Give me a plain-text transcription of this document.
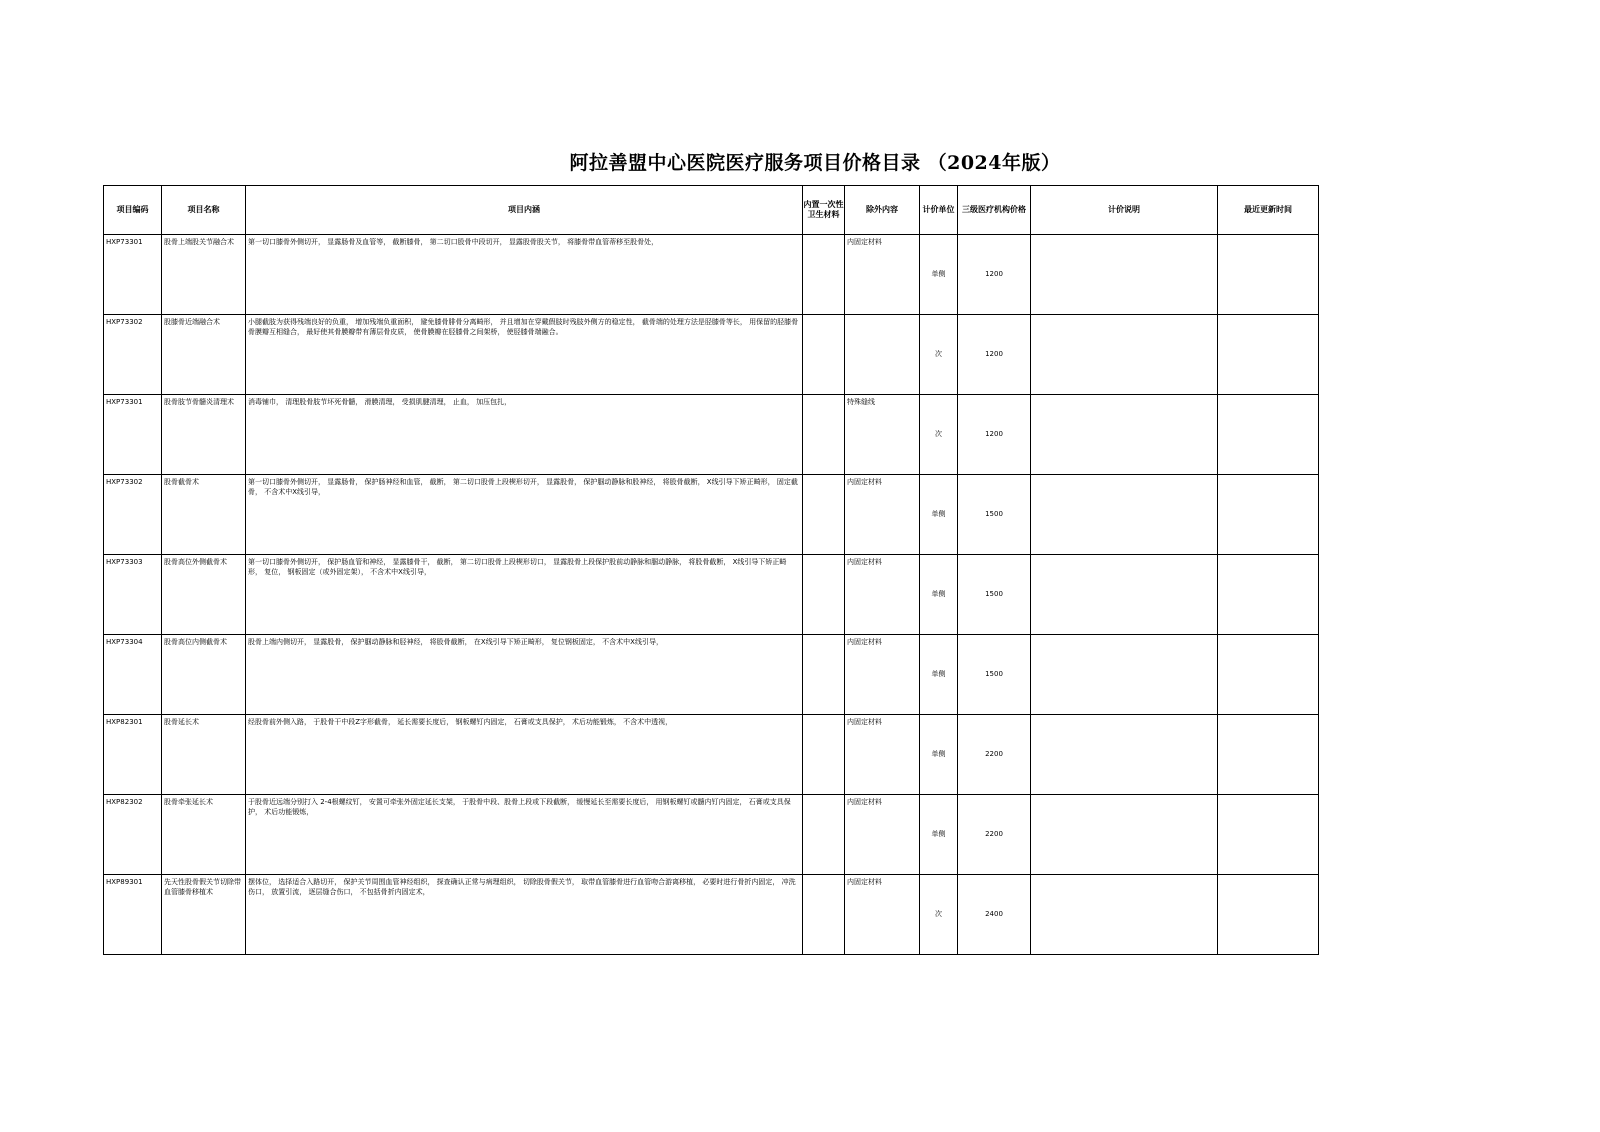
阿拉善盟中心医院医疗服务项目价格目录 （2024年版）
项目编码	项目名称	项目内涵	内置一次性卫生材料	除外内容	计价单位	三级医疗机构价格	计价说明	最近更新时间
HXP73301	股骨上端股关节融合术	第一切口膝骨外侧切开， 显露肠骨及血管等， 截断膝骨， 第二切口股骨中段切开， 显露股骨股关节， 将膝骨带血管蒂移至股骨处，		内固定材料	单侧	1200		
HXP73302	股膝骨近端融合术	小腿截肢为获得残端良好的负重， 增加残端负重面积， 避免膝骨腓骨分离畸形， 并且增加在穿戴假肢时残肢外侧方的稳定性， 截骨端的处理方法是胫膝骨等长， 用保留的胫膝骨骨膜瓣互相缝合， 最好使其骨膜瓣带有薄层骨皮质， 使骨膜瓣在胫膝骨之间架桥， 使胫膝骨端融合。			次	1200		
HXP73301	股骨肢节骨髓炎清理术	消毒铺巾， 清理股骨肢节坏死骨髓， 滑膜清理， 受损肌腱清理， 止血， 加压包扎，		特殊缝线	次	1200		
HXP73302	股骨截骨术	第一切口膝骨外侧切开， 显露肠骨， 保护肠神经和血管， 截断， 第二切口股骨上段楔形切开， 显露股骨， 保护腘动静脉和股神经， 将股骨截断， X线引导下矫正畸形， 固定截骨， 不含术中X线引导，		内固定材料	单侧	1500		
HXP73303	股骨高位外侧截骨术	第一切口膝骨外侧切开， 保护肠血管和神经， 显露膝骨干， 截断， 第二切口股骨上段楔形切口， 显露股骨上段保护股前动静脉和腘动静脉， 将股骨截断， X线引导下矫正畸形， 复位， 钢板固定（或外固定架）， 不含术中X线引导，		内固定材料	单侧	1500		
HXP73304	股骨高位内侧截骨术	股骨上端内侧切开， 显露股骨， 保护腘动静脉和胫神经， 将股骨截断， 在X线引导下矫正畸形， 复位钢板固定， 不含术中X线引导，		内固定材料	单侧	1500		
HXP82301	股骨延长术	经股骨前外侧入路， 于股骨干中段Z字形截骨， 延长需要长度后， 钢板螺钉内固定， 石膏或支具保护， 术后功能锻炼， 不含术中透视，		内固定材料	单侧	2200		
HXP82302	股骨牵张延长术	于股骨近远端分别打入 2-4根螺纹钉， 安置可牵张外固定延长支架， 于股骨中段、股骨上段或下段截断， 缓慢延长至需要长度后， 用钢板螺钉或髓内钉内固定， 石膏或支具保护， 术后功能锻炼，		内固定材料	单侧	2200		
HXP89301	先天性股骨假关节切除带血管膝骨移植术	摆体位， 选择适合入路切开， 保护关节周围血管神经组织， 探查确认正常与病理组织， 切除股骨假关节， 取带血管膝骨进行血管吻合游离移植， 必要时进行骨折内固定， 冲洗伤口， 放置引流， 逐层缝合伤口， 不包括骨折内固定术，		内固定材料	次	2400		
